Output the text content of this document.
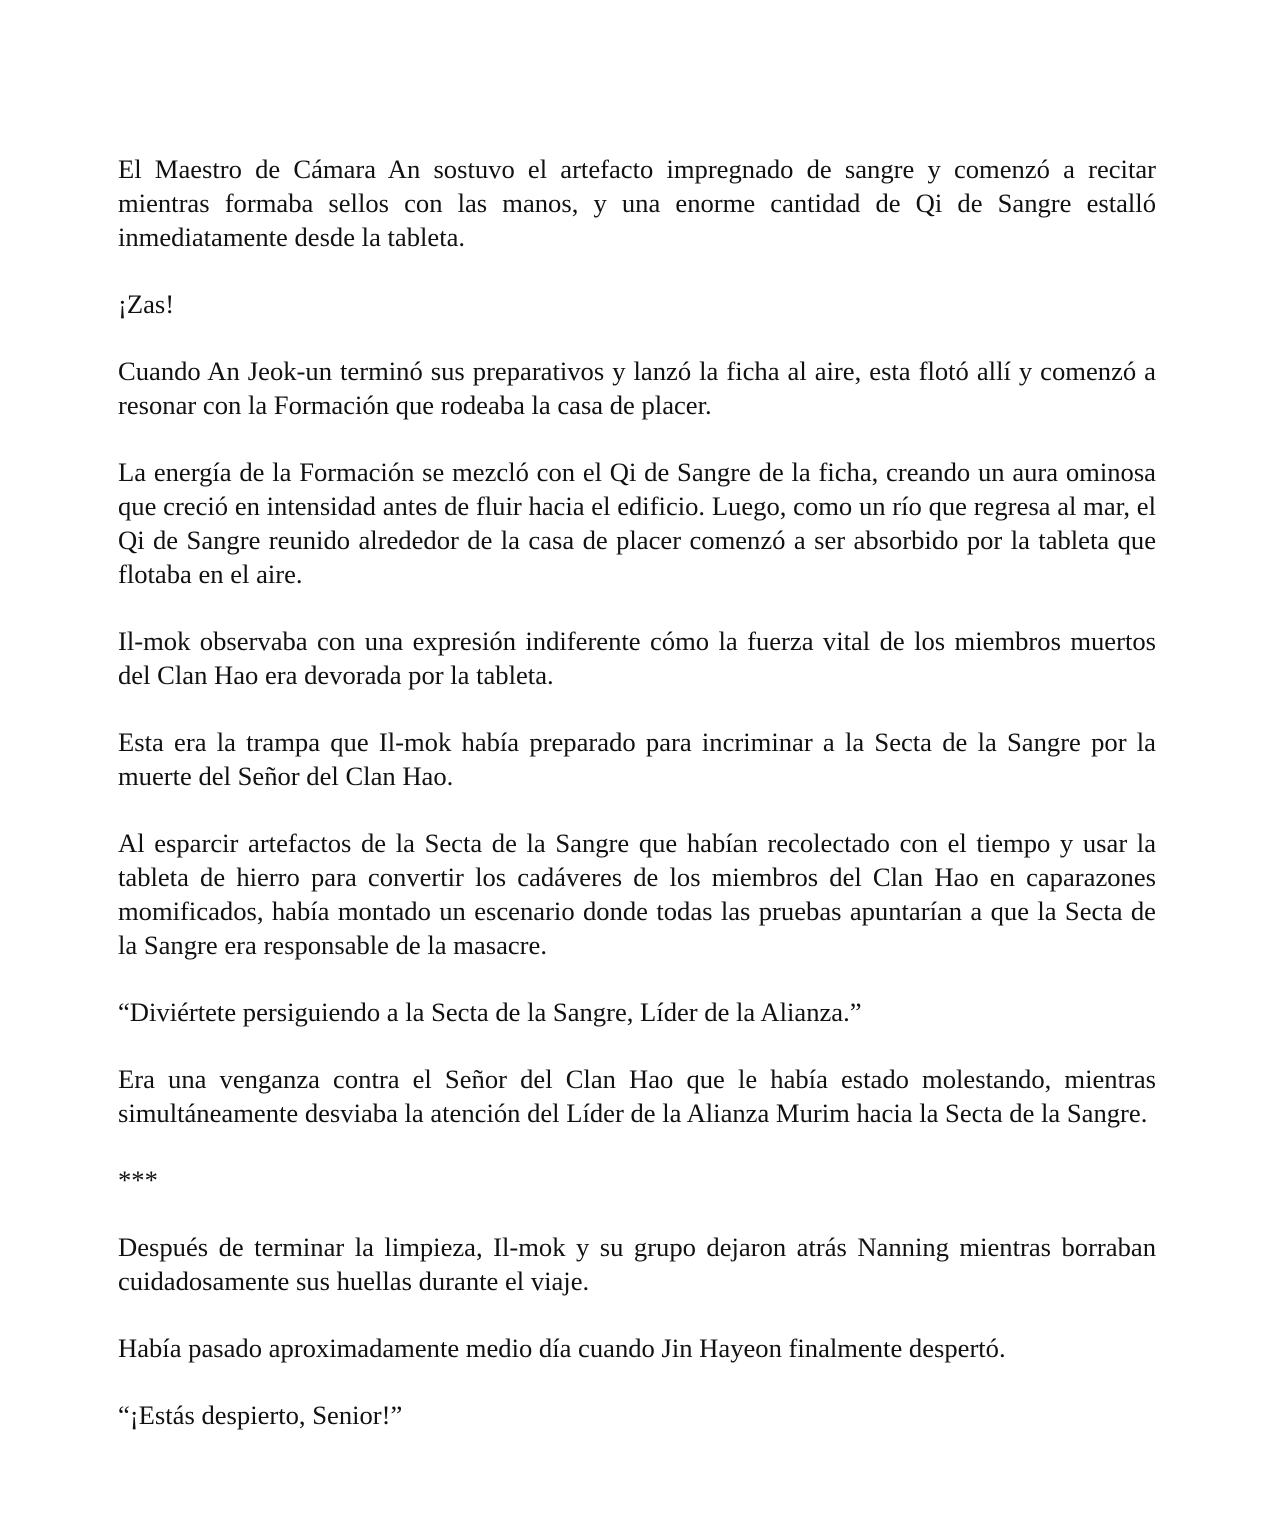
El Maestro de Cámara An sostuvo el artefacto impregnado de sangre y comenzó a recitar mientras formaba sellos con las manos, y una enorme cantidad de Qi de Sangre estalló inmediatamente desde la tableta.

¡Zas!

Cuando An Jeok-un terminó sus preparativos y lanzó la ficha al aire, esta flotó allí y comenzó a resonar con la Formación que rodeaba la casa de placer.

La energía de la Formación se mezcló con el Qi de Sangre de la ficha, creando un aura ominosa que creció en intensidad antes de fluir hacia el edificio. Luego, como un río que regresa al mar, el Qi de Sangre reunido alrededor de la casa de placer comenzó a ser absorbido por la tableta que flotaba en el aire.

Il-mok observaba con una expresión indiferente cómo la fuerza vital de los miembros muertos del Clan Hao era devorada por la tableta.

Esta era la trampa que Il-mok había preparado para incriminar a la Secta de la Sangre por la muerte del Señor del Clan Hao.

Al esparcir artefactos de la Secta de la Sangre que habían recolectado con el tiempo y usar la tableta de hierro para convertir los cadáveres de los miembros del Clan Hao en caparazones momificados, había montado un escenario donde todas las pruebas apuntarían a que la Secta de la Sangre era responsable de la masacre.

“Diviértete persiguiendo a la Secta de la Sangre, Líder de la Alianza.”

Era una venganza contra el Señor del Clan Hao que le había estado molestando, mientras simultáneamente desviaba la atención del Líder de la Alianza Murim hacia la Secta de la Sangre.

***

Después de terminar la limpieza, Il-mok y su grupo dejaron atrás Nanning mientras borraban cuidadosamente sus huellas durante el viaje.

Había pasado aproximadamente medio día cuando Jin Hayeon finalmente despertó.

“¡Estás despierto, Senior!”
